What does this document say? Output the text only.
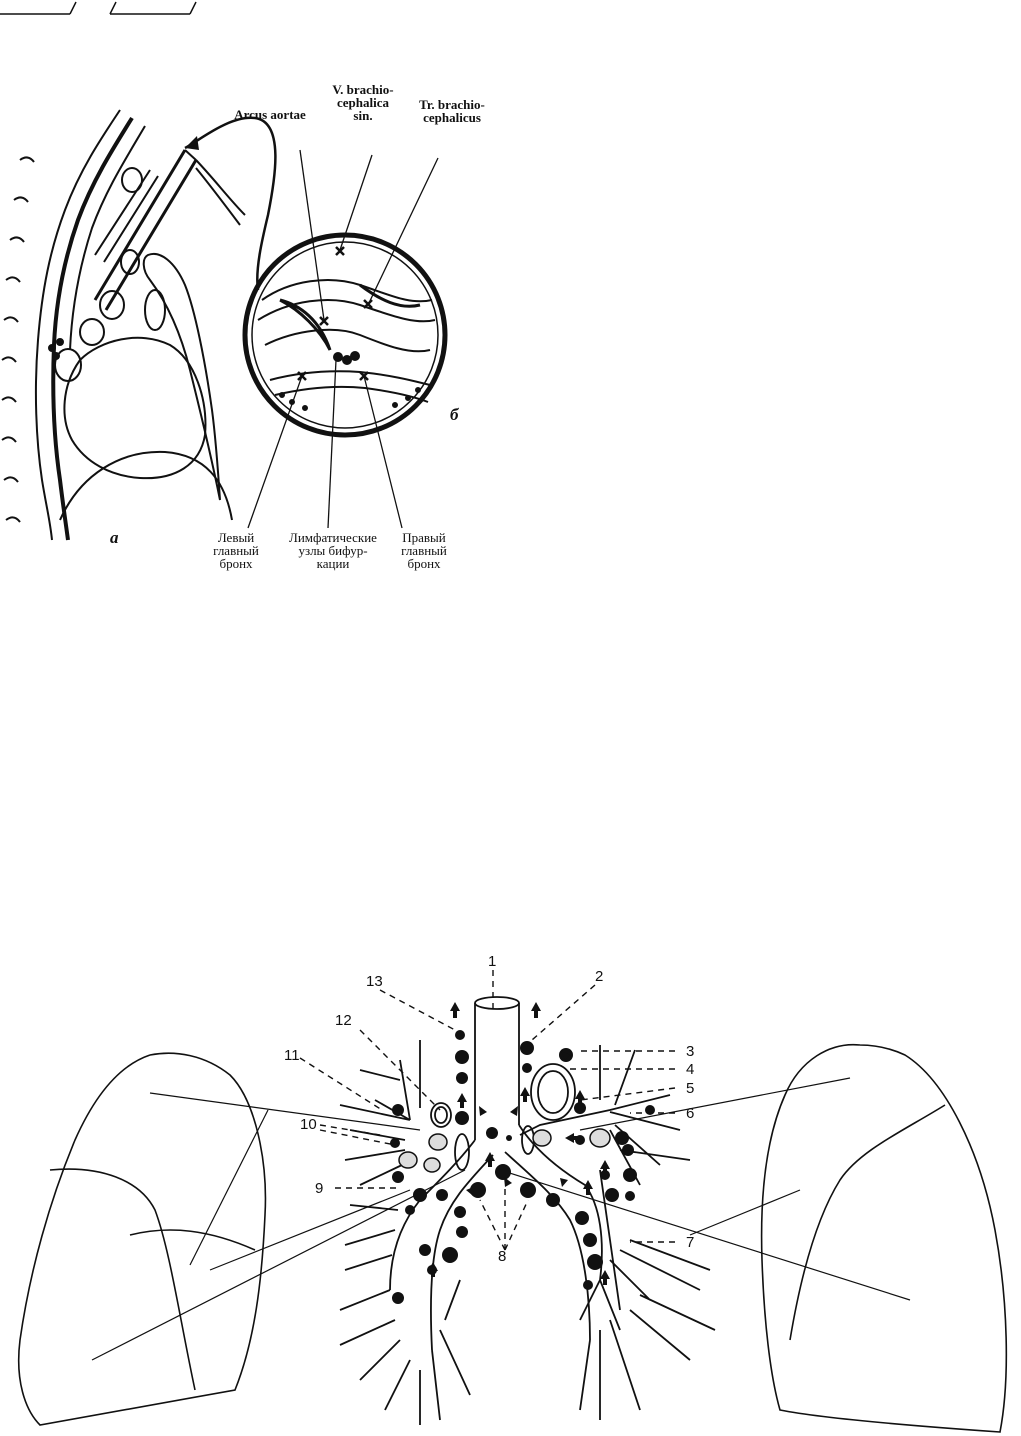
Arcus aortae
V. brachio-
cephalica
sin.
Tr. brachio-
cephalicus
Левый
главный
бронх
Лимфатические
узлы бифур-
кации
Правый
главный
бронх
а
б
1
2
3
4
5
6
7
8
9
10
11
12
13
